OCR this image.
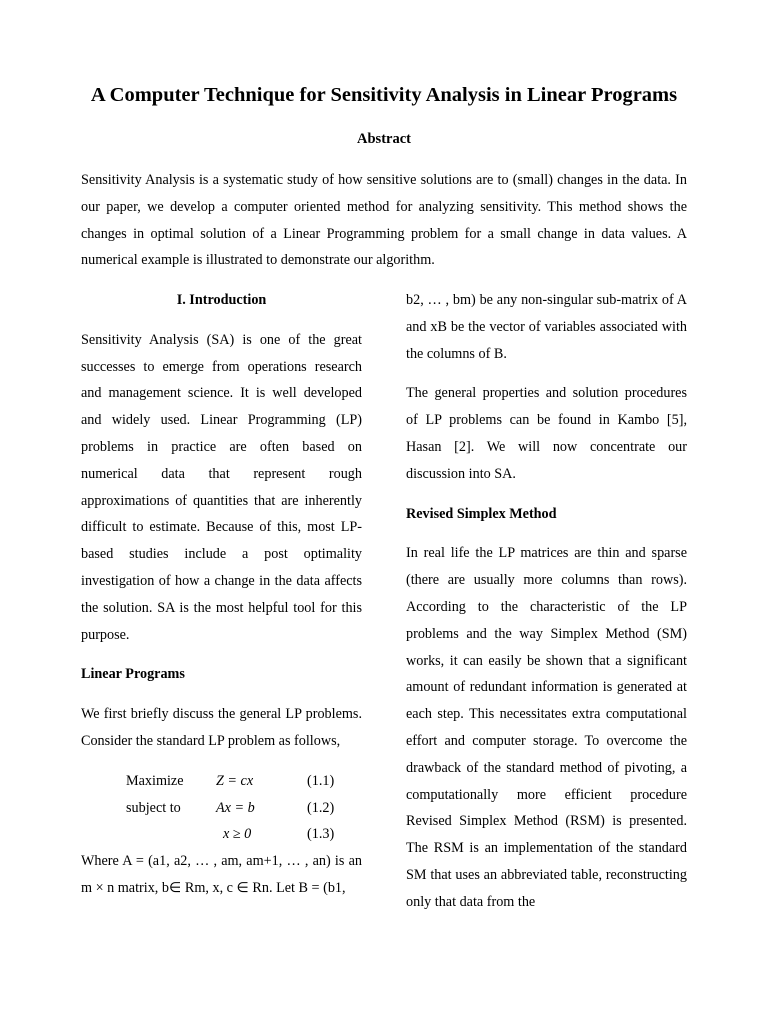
A Computer Technique for Sensitivity Analysis in Linear Programs
Abstract
Sensitivity Analysis is a systematic study of how sensitive solutions are to (small) changes in the data. In our paper, we develop a computer oriented method for analyzing sensitivity. This method shows the changes in optimal solution of a Linear Programming problem for a small change in data values. A numerical example is illustrated to demonstrate our algorithm.

I. Introduction

Sensitivity Analysis (SA) is one of the great successes to emerge from operations research and management science. It is well developed and widely used. Linear Programming (LP) problems in practice are often based on numerical data that represent rough approximations of quantities that are inherently difficult to estimate. Because of this, most LP-based studies include a post optimality investigation of how a change in the data affects the solution. SA is the most helpful tool for this purpose.

Linear Programs

We first briefly discuss the general LP problems. Consider the standard LP problem as follows,

Maximize Z = cx	(1.1)
subject to Ax = b	(1.2)
x ≥ 0	(1.3)

Where A = (a1, a2, … , am, am+1, … , an) is an m × n matrix, b∈ Rm, x, c ∈ Rn. Let B = (b1,

b2, … , bm) be any non-singular sub-matrix of A and xB be the vector of variables associated with the columns of B.

The general properties and solution procedures of LP problems can be found in Kambo [5], Hasan [2]. We will now concentrate our discussion into SA.

Revised Simplex Method

In real life the LP matrices are thin and sparse (there are usually more columns than rows). According to the characteristic of the LP problems and the way Simplex Method (SM) works, it can easily be shown that a significant amount of redundant information is generated at each step. This necessitates extra computational effort and computer storage. To overcome the drawback of the standard method of pivoting, a computationally more efficient procedure Revised Simplex Method (RSM) is presented. The RSM is an implementation of the standard SM that uses an abbreviated table, reconstructing only that data from the
